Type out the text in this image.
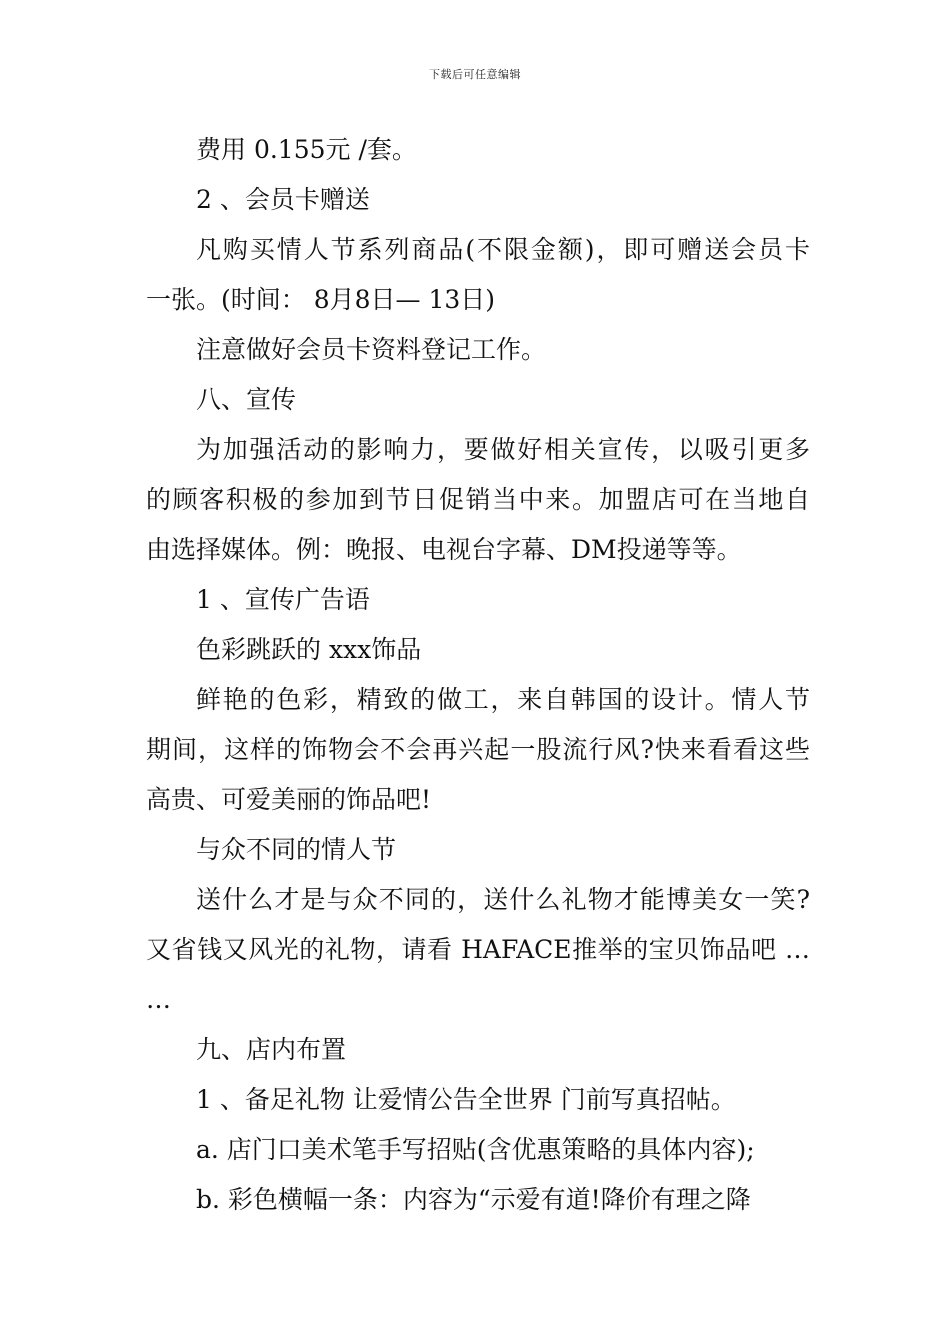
下载后可任意编辑
费用 0.155元 /套。
2 、会员卡赠送
凡购买情人节系列商品(不限金额)，即可赠送会员卡
一张。(时间： 8月8日— 13日)
注意做好会员卡资料登记工作。
八、宣传
为加强活动的影响力，要做好相关宣传，以吸引更多
的顾客积极的参加到节日促销当中来。加盟店可在当地自
由选择媒体。例：晚报、电视台字幕、DM投递等等。
1 、宣传广告语
色彩跳跃的 xxx饰品
鲜艳的色彩，精致的做工，来自韩国的设计。情人节
期间，这样的饰物会不会再兴起一股流行风?快来看看这些
高贵、可爱美丽的饰品吧!
与众不同的情人节
送什么才是与众不同的，送什么礼物才能博美女一笑?
又省钱又风光的礼物，请看 HAFACE推举的宝贝饰品吧 …
…
九、店内布置
1 、备足礼物 让爱情公告全世界 门前写真招帖。
a. 店门口美术笔手写招贴(含优惠策略的具体内容);
b. 彩色横幅一条：内容为“示爱有道!降价有理之降
